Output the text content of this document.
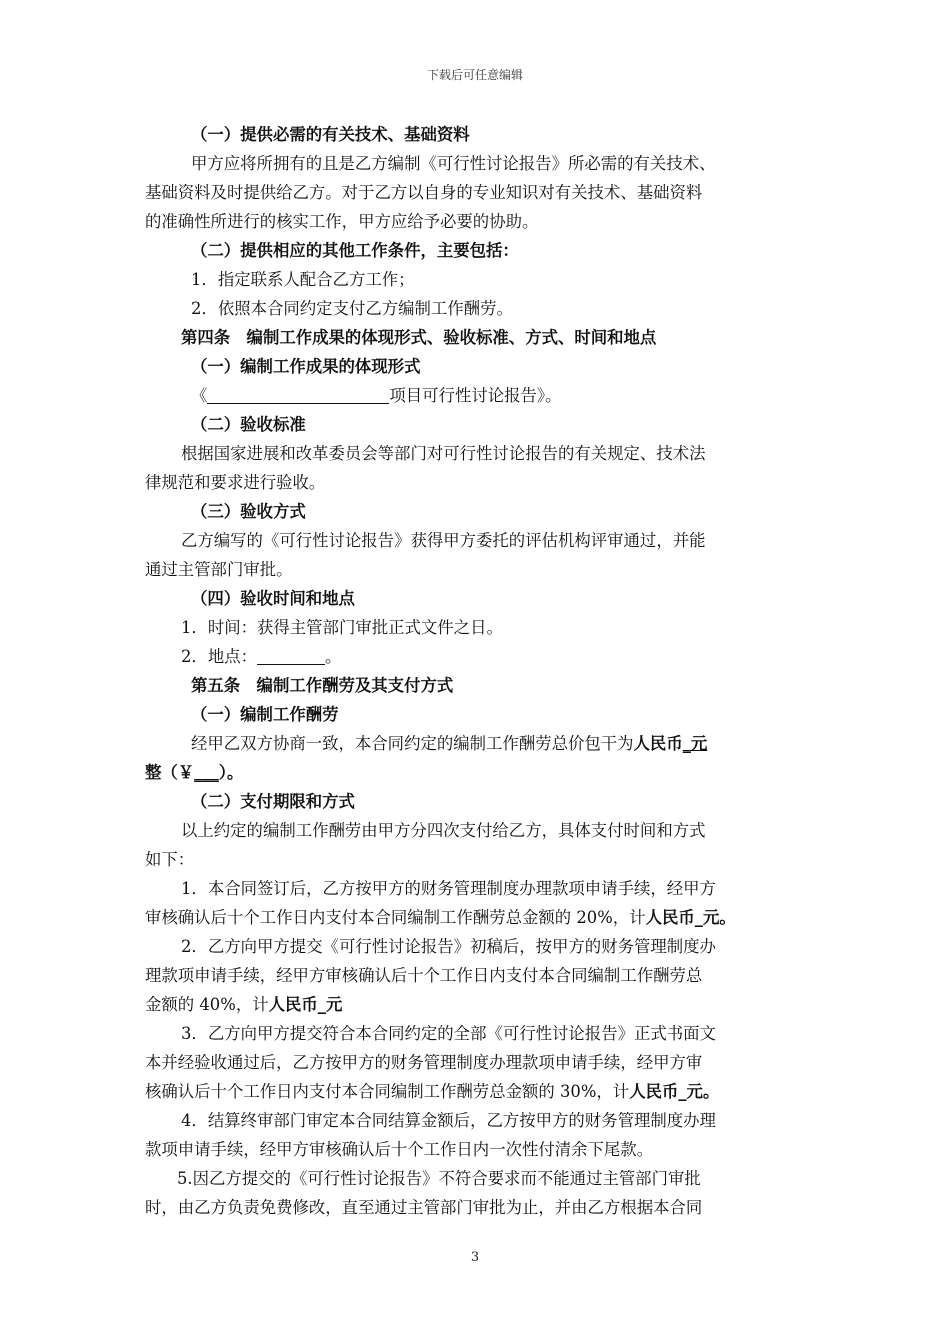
下载后可任意编辑
（一）提供必需的有关技术、基础资料
甲方应将所拥有的且是乙方编制《可行性讨论报告》所必需的有关技术、
基础资料及时提供给乙方。对于乙方以自身的专业知识对有关技术、基础资料
的准确性所进行的核实工作，甲方应给予必要的协助。
（二）提供相应的其他工作条件，主要包括：
1．指定联系人配合乙方工作；
2．依照本合同约定支付乙方编制工作酬劳。
第四条　编制工作成果的体现形式、验收标准、方式、时间和地点
（一）编制工作成果的体现形式
《	项目可行性讨论报告》。
（二）验收标准
根据国家进展和改革委员会等部门对可行性讨论报告的有关规定、技术法
律规范和要求进行验收。
（三）验收方式
乙方编写的《可行性讨论报告》获得甲方委托的评估机构评审通过，并能
通过主管部门审批。
（四）验收时间和地点
1．时间：获得主管部门审批正式文件之日。
2．地点：	。
第五条　编制工作酬劳及其支付方式
（一）编制工作酬劳
经甲乙双方协商一致，本合同约定的编制工作酬劳总价包干为人民币_元
整（￥___）。
（二）支付期限和方式
以上约定的编制工作酬劳由甲方分四次支付给乙方，具体支付时间和方式
如下：
1．本合同签订后，乙方按甲方的财务管理制度办理款项申请手续，经甲方
审核确认后十个工作日内支付本合同编制工作酬劳总金额的 20%，计人民币_元。
2．乙方向甲方提交《可行性讨论报告》初稿后，按甲方的财务管理制度办
理款项申请手续，经甲方审核确认后十个工作日内支付本合同编制工作酬劳总
金额的 40%，计人民币_元
3．乙方向甲方提交符合本合同约定的全部《可行性讨论报告》正式书面文
本并经验收通过后，乙方按甲方的财务管理制度办理款项申请手续，经甲方审
核确认后十个工作日内支付本合同编制工作酬劳总金额的 30%，计人民币_元。
4．结算终审部门审定本合同结算金额后，乙方按甲方的财务管理制度办理
款项申请手续，经甲方审核确认后十个工作日内一次性付清余下尾款。
5.因乙方提交的《可行性讨论报告》不符合要求而不能通过主管部门审批
时，由乙方负责免费修改，直至通过主管部门审批为止，并由乙方根据本合同
3
